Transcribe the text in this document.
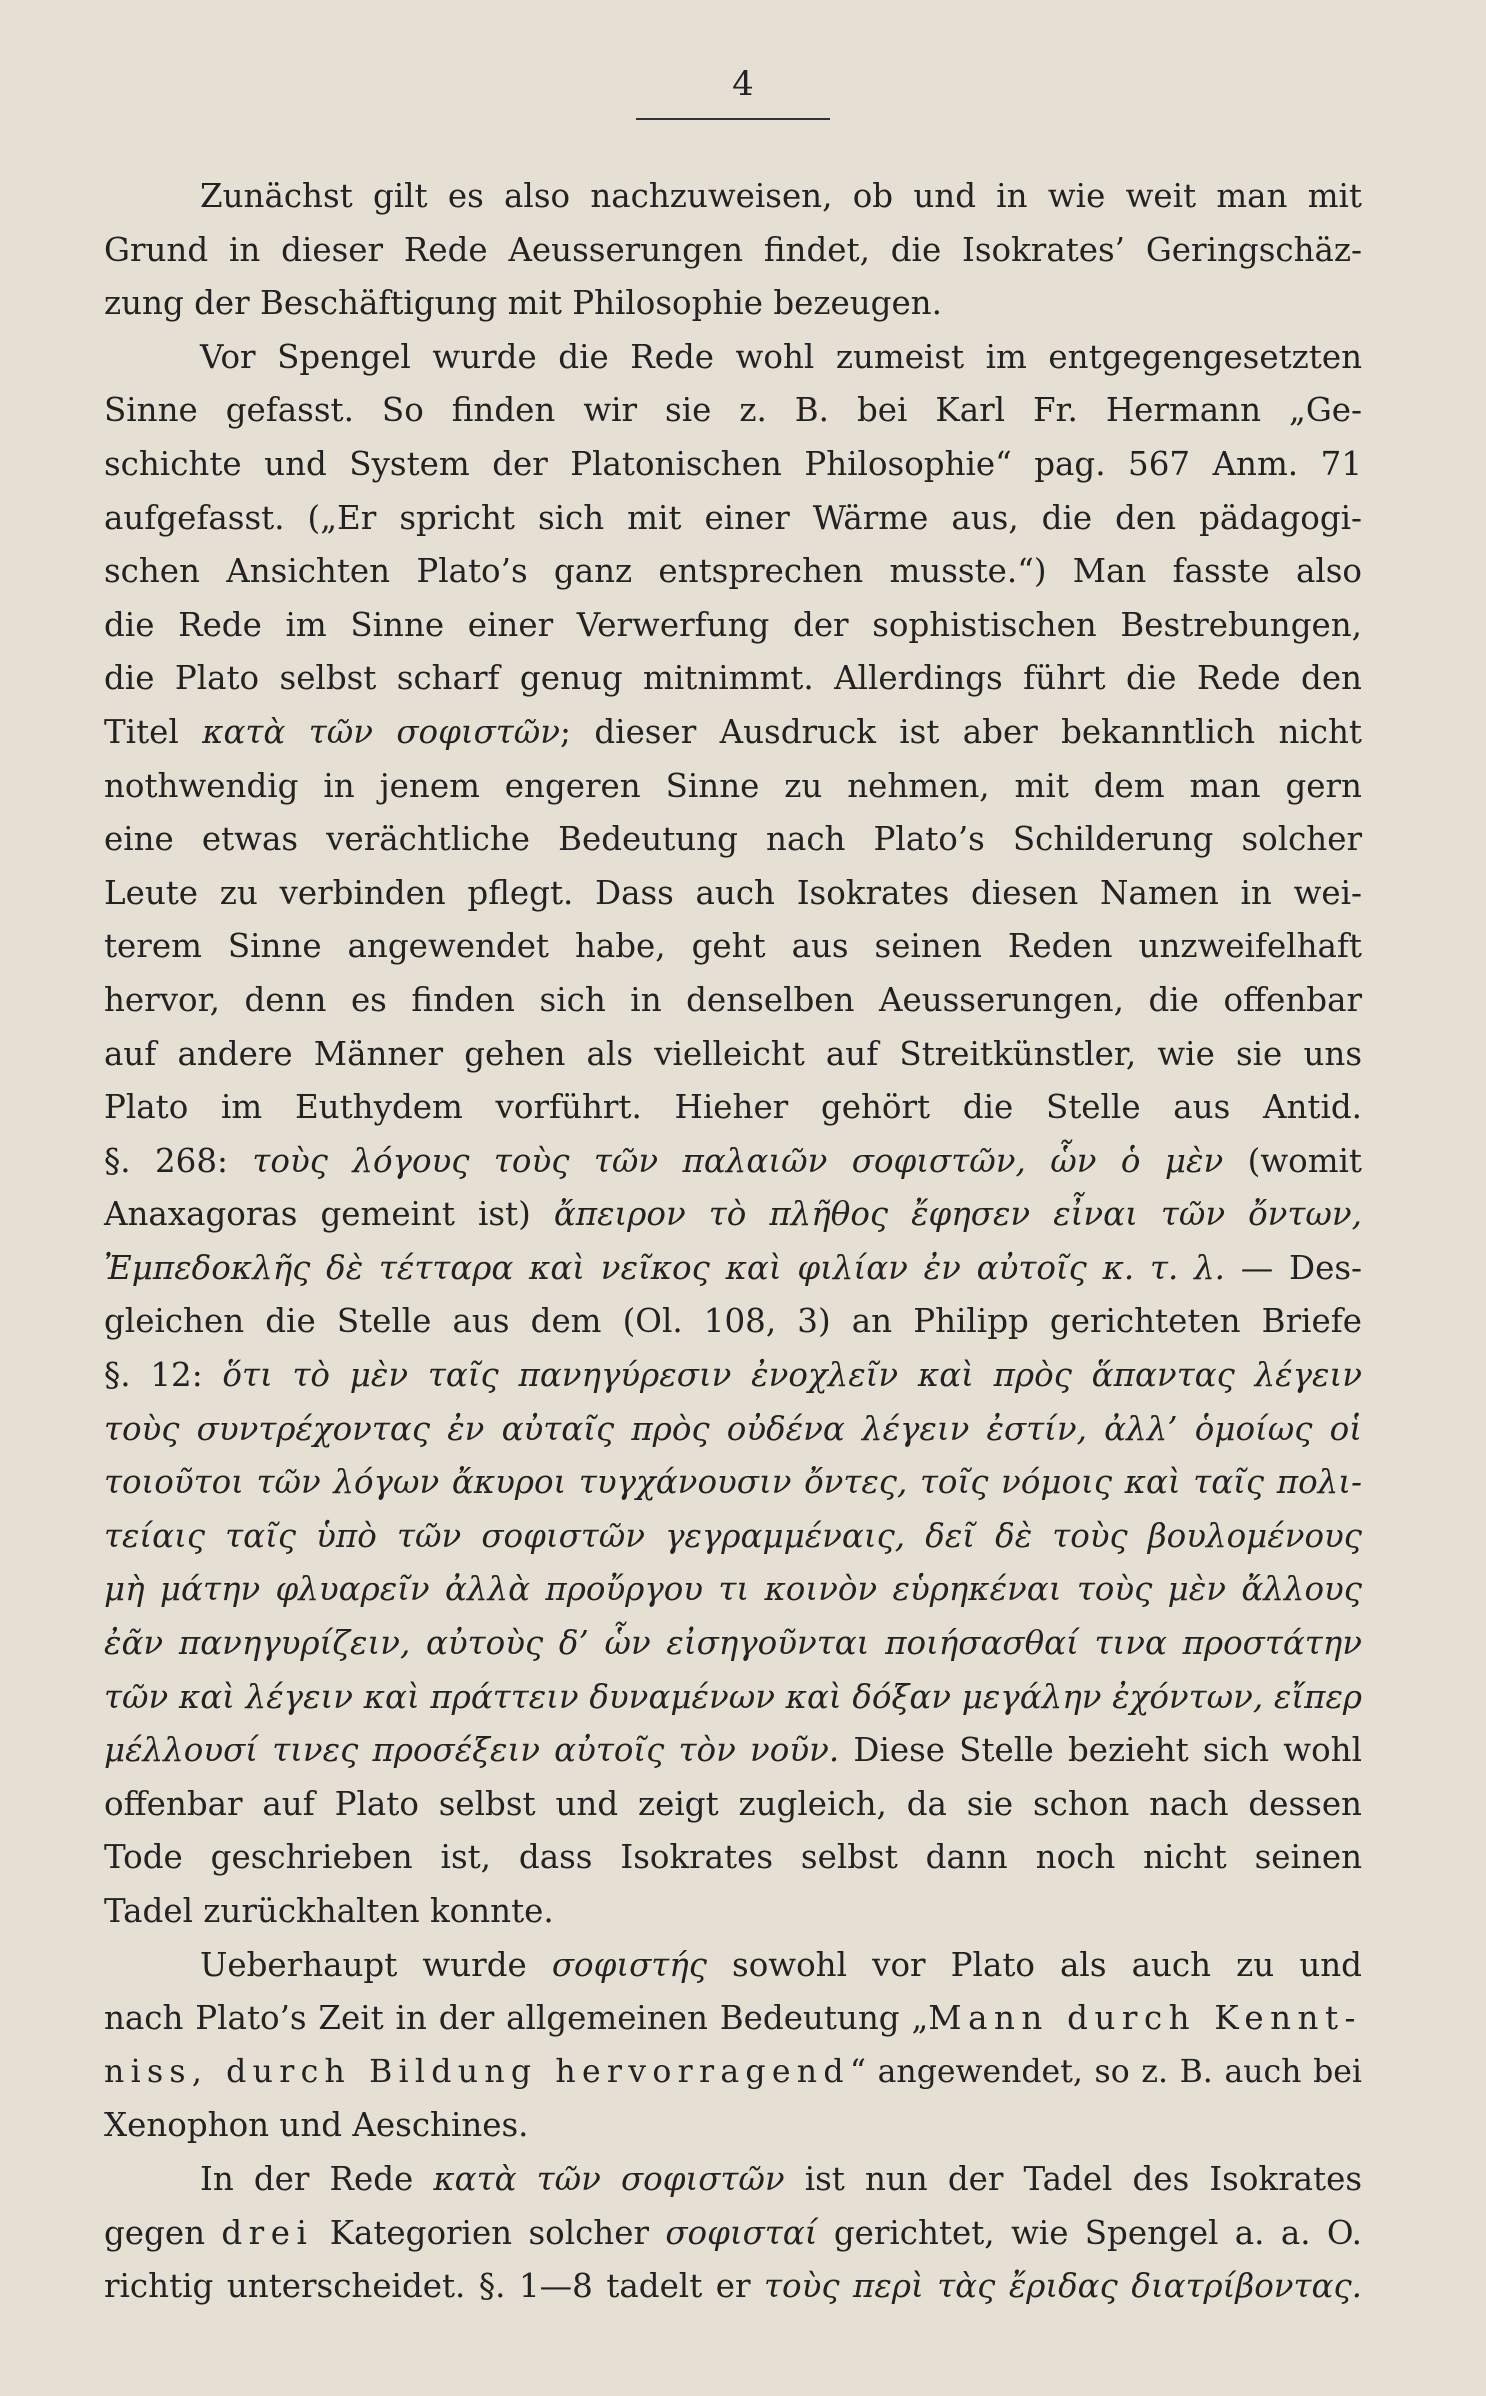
4
Zunächst gilt es also nachzuweisen, ob und in wie weit man mit
Grund in dieser Rede Aeusserungen findet, die Isokrates’ Geringschäz-
zung der Beschäftigung mit Philosophie bezeugen.
Vor Spengel wurde die Rede wohl zumeist im entgegengesetzten
Sinne gefasst. So finden wir sie z. B. bei Karl Fr. Hermann „Ge-
schichte und System der Platonischen Philosophie“ pag. 567 Anm. 71
aufgefasst. („Er spricht sich mit einer Wärme aus, die den pädagogi-
schen Ansichten Plato’s ganz entsprechen musste.“) Man fasste also
die Rede im Sinne einer Verwerfung der sophistischen Bestrebungen,
die Plato selbst scharf genug mitnimmt. Allerdings führt die Rede den
Titel κατὰ τῶν σοφιστῶν; dieser Ausdruck ist aber bekanntlich nicht
nothwendig in jenem engeren Sinne zu nehmen, mit dem man gern
eine etwas verächtliche Bedeutung nach Plato’s Schilderung solcher
Leute zu verbinden pflegt. Dass auch Isokrates diesen Namen in wei-
terem Sinne angewendet habe, geht aus seinen Reden unzweifelhaft
hervor, denn es finden sich in denselben Aeusserungen, die offenbar
auf andere Männer gehen als vielleicht auf Streitkünstler, wie sie uns
Plato im Euthydem vorführt. Hieher gehört die Stelle aus Antid.
§. 268: τοὺς λόγους τοὺς τῶν παλαιῶν σοφιστῶν, ὧν ὁ μὲν (womit
Anaxagoras gemeint ist) ἄπειρον τὸ πλῆθος ἔφησεν εἶναι τῶν ὄντων,
Ἐμπεδοκλῆς δὲ τέτταρα καὶ νεῖκος καὶ φιλίαν ἐν αὐτοῖς κ. τ. λ. — Des-
gleichen die Stelle aus dem (Ol. 108, 3) an Philipp gerichteten Briefe
§. 12: ὅτι τὸ μὲν ταῖς πανηγύρεσιν ἐνοχλεῖν καὶ πρὸς ἅπαντας λέγειν
τοὺς συντρέχοντας ἐν αὐταῖς πρὸς οὐδένα λέγειν ἐστίν, ἀλλ’ ὁμοίως οἱ
τοιοῦτοι τῶν λόγων ἄκυροι τυγχάνουσιν ὄντες, τοῖς νόμοις καὶ ταῖς πολι-
τείαις ταῖς ὑπὸ τῶν σοφιστῶν γεγραμμέναις, δεῖ δὲ τοὺς βουλομένους
μὴ μάτην φλυαρεῖν ἀλλὰ προὔργου τι κοινὸν εὑρηκέναι τοὺς μὲν ἄλλους
ἐᾶν πανηγυρίζειν, αὐτοὺς δ’ ὧν εἰσηγοῦνται ποιήσασθαί τινα προστάτην
τῶν καὶ λέγειν καὶ πράττειν δυναμένων καὶ δόξαν μεγάλην ἐχόντων, εἴπερ
μέλλουσί τινες προσέξειν αὐτοῖς τὸν νοῦν. Diese Stelle bezieht sich wohl
offenbar auf Plato selbst und zeigt zugleich, da sie schon nach dessen
Tode geschrieben ist, dass Isokrates selbst dann noch nicht seinen
Tadel zurückhalten konnte.
Ueberhaupt wurde σοφιστής sowohl vor Plato als auch zu und
nach Plato’s Zeit in der allgemeinen Bedeutung „Mann durch Kennt-
niss, durch Bildung hervorragend“ angewendet, so z. B. auch bei
Xenophon und Aeschines.
In der Rede κατὰ τῶν σοφιστῶν ist nun der Tadel des Isokrates
gegen drei Kategorien solcher σοφισταί gerichtet, wie Spengel a. a. O.
richtig unterscheidet. §. 1—8 tadelt er τοὺς περὶ τὰς ἔριδας διατρίβοντας.
